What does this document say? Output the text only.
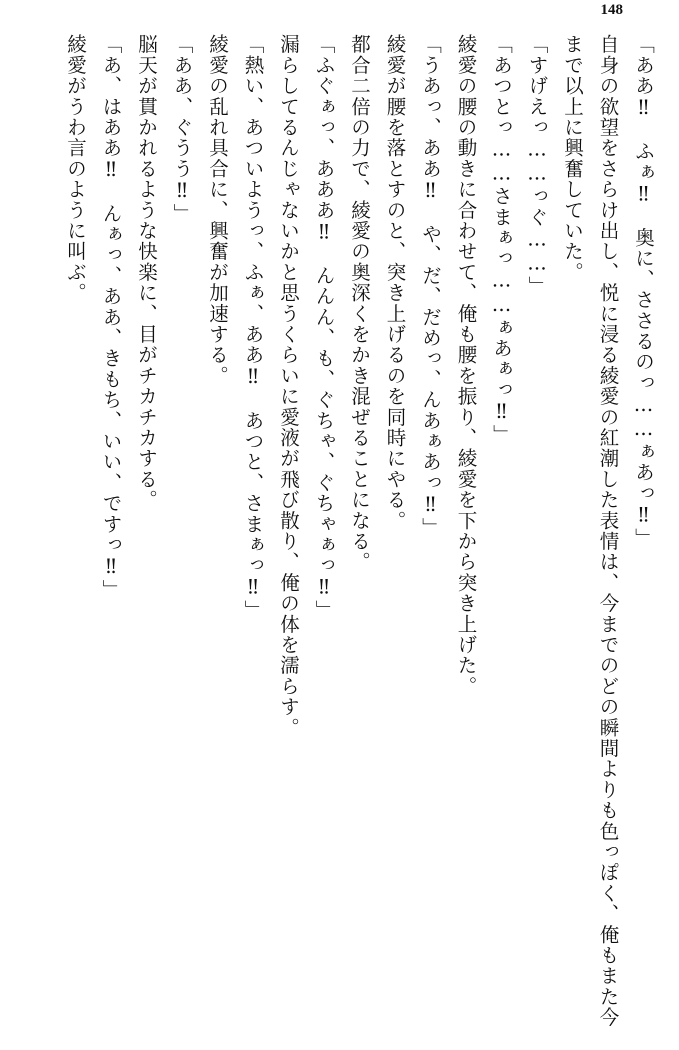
148

「ああ‼　ふぁ‼　奥に、ささるのっ……ぁあっ‼」

自身の欲望をさらけ出し、悦に浸る綾愛の紅潮した表情は、今までのどの瞬間よりも色っぽく、俺もまた今まで以上に興奮していた。

「すげえっ……っぐ……」

「あつとっ……さまぁっ……ぁあぁっ‼」

綾愛の腰の動きに合わせて、俺も腰を振り、綾愛を下から突き上げた。

「うあっ、ああ‼　や、だ、だめっ、んあぁあっ‼」

綾愛が腰を落とすのと、突き上げるのを同時にやる。

都合二倍の力で、綾愛の奥深くをかき混ぜることになる。

「ふぐぁっ、あああ‼　んんん、も、ぐちゃ、ぐちゃぁっ‼」

漏らしてるんじゃないかと思うくらいに愛液が飛び散り、俺の体を濡らす。

「熱い、あついようっ、ふぁ、ああ‼　あつと、さまぁっ‼」

綾愛の乱れ具合に、興奮が加速する。

「ああ、ぐうう‼」

脳天が貫かれるような快楽に、目がチカチカする。

「あ、はああ‼　んぁっ、ああ、きもち、いい、ですっ‼」

綾愛がうわ言のように叫ぶ。
